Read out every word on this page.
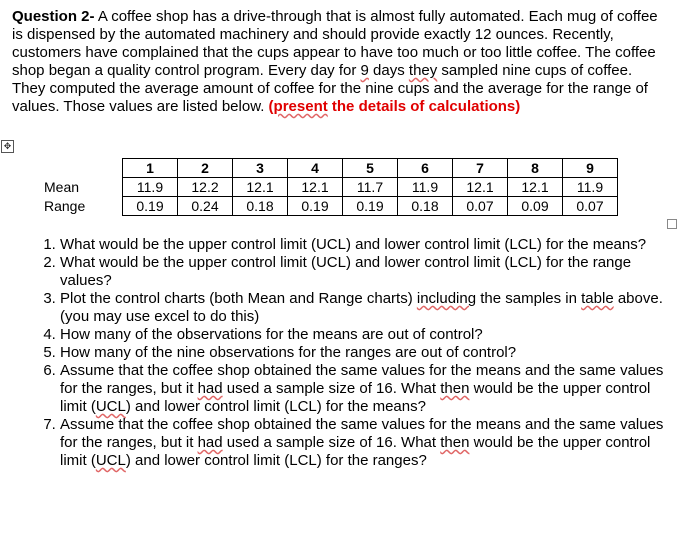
Question 2- A coffee shop has a drive-through that is almost fully automated. Each mug of coffee is dispensed by the automated machinery and should provide exactly 12 ounces. Recently, customers have complained that the cups appear to have too much or too little coffee. The coffee shop began a quality control program. Every day for 9 days they sampled nine cups of coffee. They computed the average amount of coffee for the nine cups and the average for the range of values. Those values are listed below. (present the details of calculations)
✥
	1	2	3	4	5	6	7	8	9
Mean	11.9	12.2	12.1	12.1	11.7	11.9	12.1	12.1	11.9
Range	0.19	0.24	0.18	0.19	0.19	0.18	0.07	0.09	0.07
1. What would be the upper control limit (UCL) and lower control limit (LCL) for the means?
2. What would be the upper control limit (UCL) and lower control limit (LCL) for the range values?
3. Plot the control charts (both Mean and Range charts) including the samples in table above. (you may use excel to do this)
4. How many of the observations for the means are out of control?
5. How many of the nine observations for the ranges are out of control?
6. Assume that the coffee shop obtained the same values for the means and the same values for the ranges, but it had used a sample size of 16. What then would be the upper control limit (UCL) and lower control limit (LCL) for the means?
7. Assume that the coffee shop obtained the same values for the means and the same values for the ranges, but it had used a sample size of 16. What then would be the upper control limit (UCL) and lower control limit (LCL) for the ranges?
